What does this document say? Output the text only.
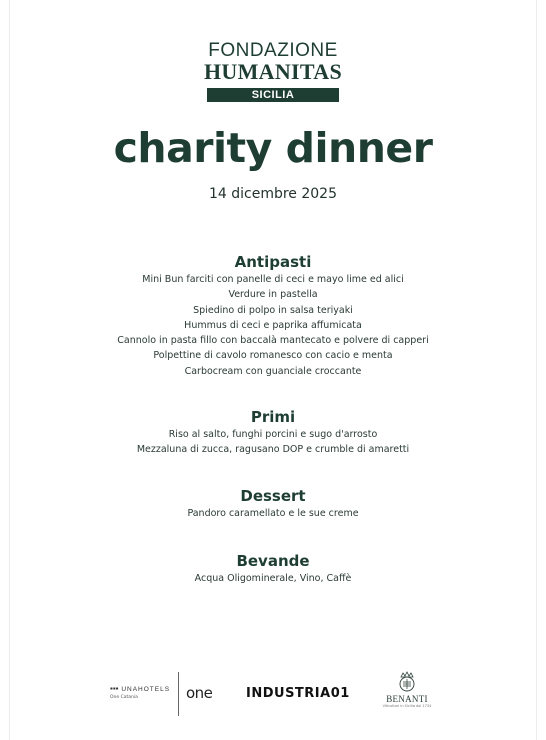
FONDAZIONE
HUMANITAS
SICILIA
charity dinner
14 dicembre 2025
Antipasti
Mini Bun farciti con panelle di ceci e mayo lime ed alici
Verdure in pastella
Spiedino di polpo in salsa teriyaki
Hummus di ceci e paprika affumicata
Cannolo in pasta fillo con baccalà mantecato e polvere di capperi
Polpettine di cavolo romanesco con cacio e menta
Carbocream con guanciale croccante
Primi
Riso al salto, funghi porcini e sugo d'arrosto
Mezzaluna di zucca, ragusano DOP e crumble di amaretti
Dessert
Pandoro caramellato e le sue creme
Bevande
Acqua Oligominerale, Vino, Caffè
▪▪▪ UNAHOTELS
One Catania	one	INDUSTRIA01	BENANTI
Viticoltori in Sicilia dal 1734
